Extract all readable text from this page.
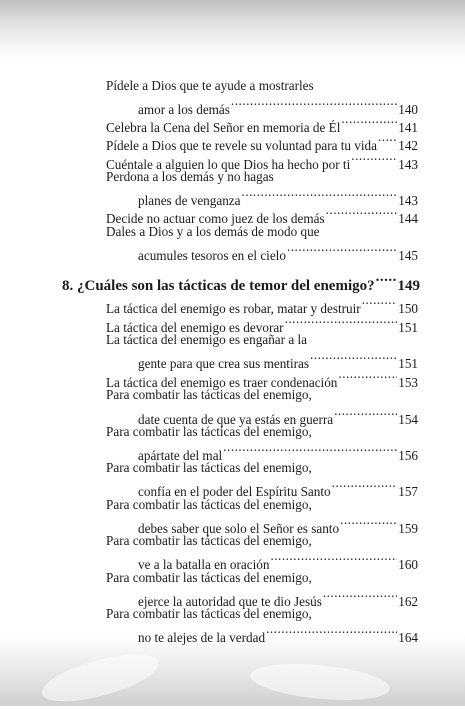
Pídele a Dios que te ayude a mostrarles
amor a los demás .....	140
Celebra la Cena del Señor en memoria de Él .....	141
Pídele a Dios que te revele su voluntad para tu vida ..... 142
Cuéntale a alguien lo que Dios ha hecho por ti .....	143
Perdona a los demás y no hagas
planes de venganza .....	143
Decide no actuar como juez de los demás .....	144
Dales a Dios y a los demás de modo que
acumules tesoros en el cielo .....	145
8. ¿Cuáles son las tácticas de temor del enemigo? ..... 149
La táctica del enemigo es robar, matar y destruir .....	150
La táctica del enemigo es devorar .....	151
La táctica del enemigo es engañar a la
gente para que crea sus mentiras .....	151
La táctica del enemigo es traer condenación .....	153
Para combatir las tácticas del enemigo,
date cuenta de que ya estás en guerra .....	154
Para combatir las tácticas del enemigo,
apártate del mal .....	156
Para combatir las tácticas del enemigo,
confía en el poder del Espíritu Santo .....	157
Para combatir las tácticas del enemigo,
debes saber que solo el Señor es santo .....	159
Para combatir las tácticas del enemigo,
ve a la batalla en oración .....	160
Para combatir las tácticas del enemigo,
ejerce la autoridad que te dio Jesús .....	162
Para combatir las tácticas del enemigo,
no te alejes de la verdad .....	164
